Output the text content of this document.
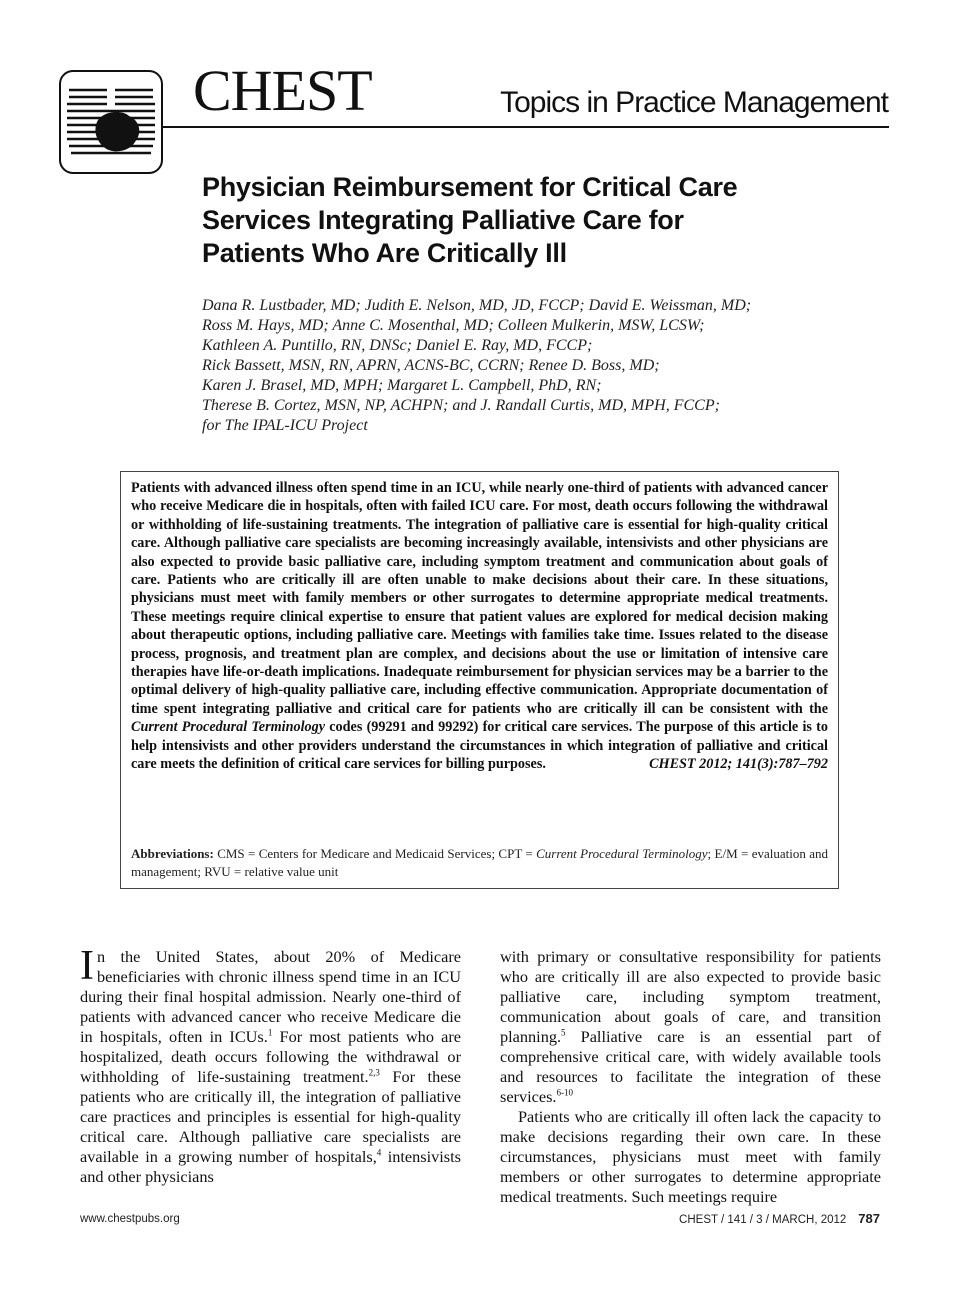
CHEST	Topics in Practice Management
Physician Reimbursement for Critical Care
Services Integrating Palliative Care for
Patients Who Are Critically Ill
Dana R. Lustbader, MD; Judith E. Nelson, MD, JD, FCCP; David E. Weissman, MD;
Ross M. Hays, MD; Anne C. Mosenthal, MD; Colleen Mulkerin, MSW, LCSW;
Kathleen A. Puntillo, RN, DNSc; Daniel E. Ray, MD, FCCP;
Rick Bassett, MSN, RN, APRN, ACNS-BC, CCRN; Renee D. Boss, MD;
Karen J. Brasel, MD, MPH; Margaret L. Campbell, PhD, RN;
Therese B. Cortez, MSN, NP, ACHPN; and J. Randall Curtis, MD, MPH, FCCP;
for The IPAL-ICU Project
Patients with advanced illness often spend time in an ICU, while nearly one-third of patients with advanced cancer who receive Medicare die in hospitals, often with failed ICU care. For most, death occurs following the withdrawal or withholding of life-sustaining treatments. The integration of palliative care is essential for high-quality critical care. Although palliative care specialists are becoming increasingly available, intensivists and other physicians are also expected to provide basic palliative care, including symptom treatment and communication about goals of care. Patients who are critically ill are often unable to make decisions about their care. In these situations, physicians must meet with family members or other surrogates to determine appropriate medical treatments. These meetings require clinical expertise to ensure that patient values are explored for medical decision making about therapeutic options, including palliative care. Meetings with families take time. Issues related to the disease process, prognosis, and treatment plan are complex, and decisions about the use or limitation of intensive care therapies have life-or-death implications. Inadequate reimbursement for physician services may be a barrier to the optimal delivery of high-quality palliative care, including effective communication. Appropriate documentation of time spent integrating palliative and critical care for patients who are critically ill can be consistent with the Current Procedural Terminology codes (99291 and 99292) for critical care services. The purpose of this article is to help intensivists and other providers understand the circumstances in which integration of palliative and critical care meets the definition of critical care services for billing purposes.	CHEST 2012; 141(3):787–792
Abbreviations: CMS = Centers for Medicare and Medicaid Services; CPT = Current Procedural Terminology; E/M = evaluation and management; RVU = relative value unit

In the United States, about 20% of Medicare beneficiaries with chronic illness spend time in an ICU during their final hospital admission. Nearly one-third of patients with advanced cancer who receive Medicare die in hospitals, often in ICUs.$^1$ For most patients who are hospitalized, death occurs following the withdrawal or withholding of life-sustaining treatment.$^{2,3}$ For these patients who are critically ill, the integration of palliative care practices and principles is essential for high-quality critical care. Although palliative care specialists are available in a growing number of hospitals,$^4$ intensivists and other physicians

with primary or consultative responsibility for patients who are critically ill are also expected to provide basic palliative care, including symptom treatment, communication about goals of care, and transition planning.$^5$ Palliative care is an essential part of comprehensive critical care, with widely available tools and resources to facilitate the integration of these services.$^{6-10}$

Patients who are critically ill often lack the capacity to make decisions regarding their own care. In these circumstances, physicians must meet with family members or other surrogates to determine appropriate medical treatments. Such meetings require

www.chestpubs.org	CHEST / 141 / 3 / MARCH, 2012 787
